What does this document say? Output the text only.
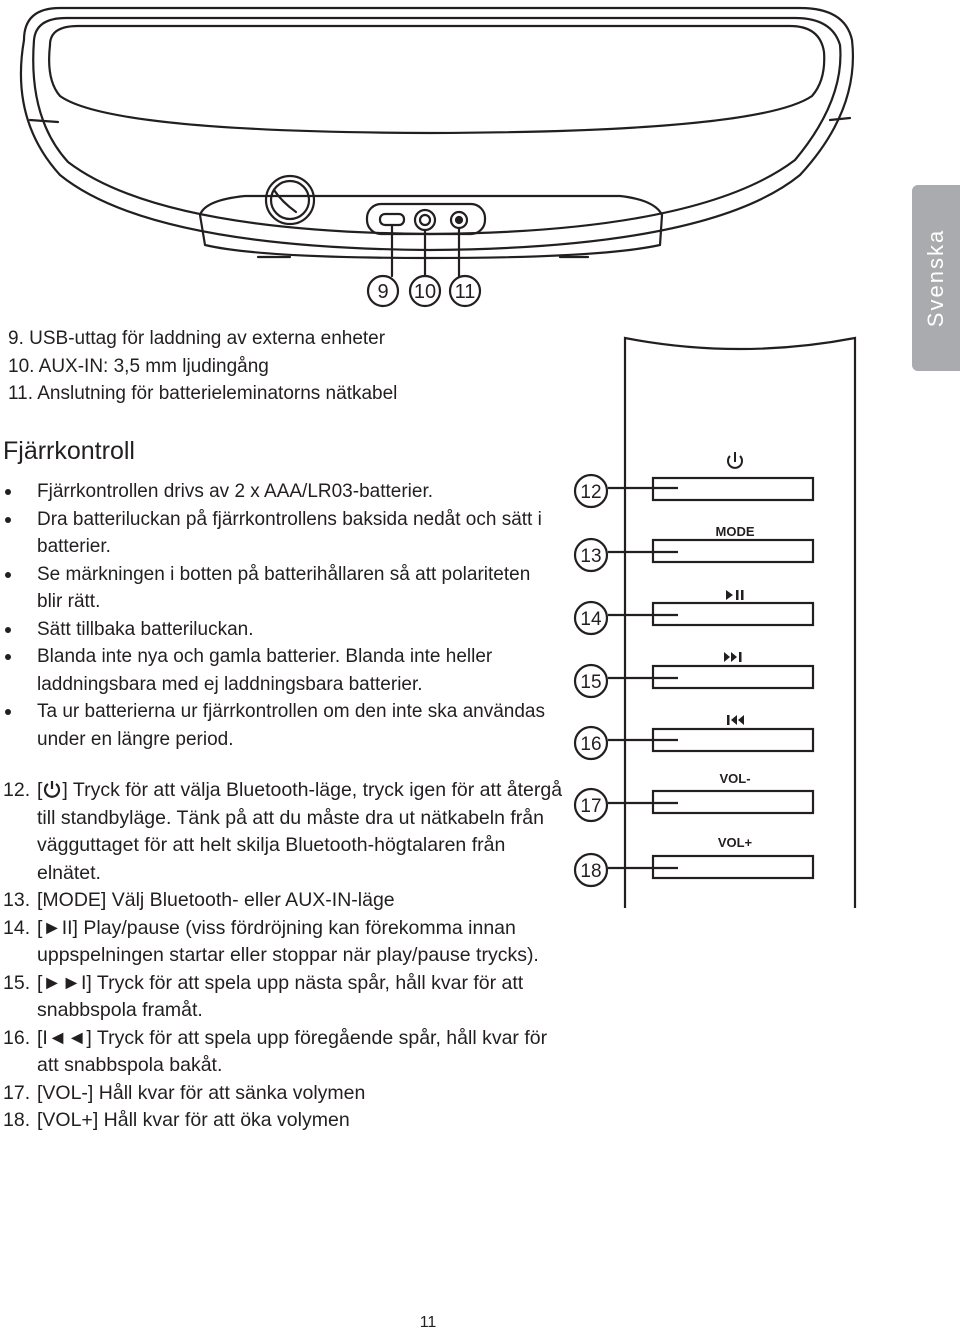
9 10 11	Svenska
9. USB-uttag för laddning av externa enheter
10. AUX-IN: 3,5 mm ljudingång
11. Anslutning för batterieleminatorns nätkabel
Fjärrkontroll
Fjärrkontrollen drivs av 2 x AAA/LR03-batterier.
Dra batteriluckan på fjärrkontrollens baksida nedåt och sätt i batterier.
Se märkningen i botten på batterihållaren så att polariteten blir rätt.
Sätt tillbaka batteriluckan.
Blanda inte nya och gamla batterier. Blanda inte heller laddningsbara med ej laddningsbara batterier.
Ta ur batterierna ur fjärrkontrollen om den inte ska användas under en längre period.
12. [ ] Tryck för att välja Bluetooth-läge, tryck igen för att återgå till standbyläge. Tänk på att du måste dra ut nätkabeln från vägguttaget för att helt skilja Bluetooth-högtalaren från elnätet.
13. [MODE] Välj Bluetooth- eller AUX-IN-läge
14. [►II] Play/pause (viss fördröjning kan förekomma innan uppspelningen startar eller stoppar när play/pause trycks).
15. [►►I] Tryck för att spela upp nästa spår, håll kvar för att snabbspola framåt.
16. [I◄◄] Tryck för att spela upp föregående spår, håll kvar för att snabbspola bakåt.
17. [VOL-] Håll kvar för att sänka volymen
18. [VOL+] Håll kvar för att öka volymen
12
13
14
15
16
17
18
MODE
VOL-
VOL+
11
